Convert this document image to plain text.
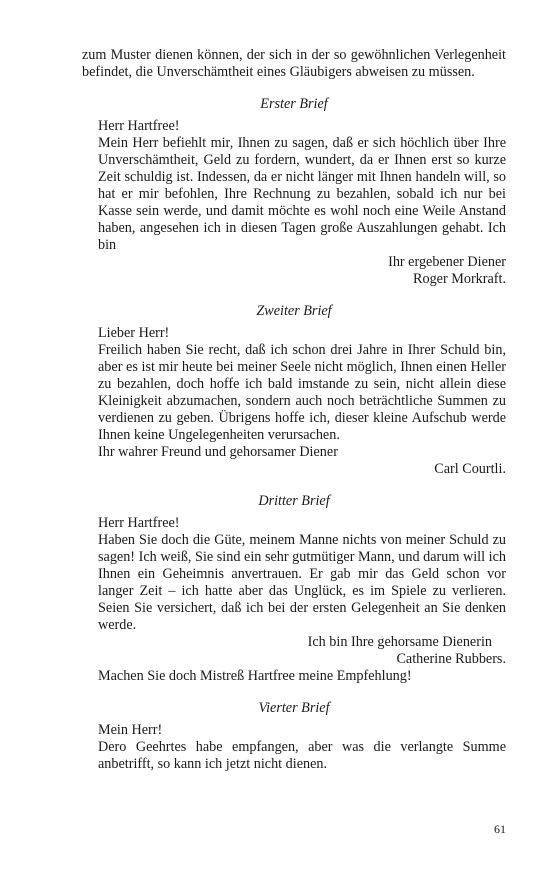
zum Muster dienen können, der sich in der so gewöhnlichen Verlegenheit befindet, die Unverschämtheit eines Gläubigers abweisen zu müssen.

Erster Brief

Herr Hartfree!

Mein Herr befiehlt mir, Ihnen zu sagen, daß er sich höchlich über Ihre Unverschämtheit, Geld zu fordern, wundert, da er Ihnen erst so kurze Zeit schuldig ist. Indessen, da er nicht länger mit Ihnen handeln will, so hat er mir befohlen, Ihre Rechnung zu bezahlen, sobald ich nur bei Kasse sein werde, und damit möchte es wohl noch eine Weile Anstand haben, angesehen ich in diesen Tagen große Auszahlungen gehabt. Ich bin

Ihr ergebener Diener

Roger Morkraft.

Zweiter Brief

Lieber Herr!

Freilich haben Sie recht, daß ich schon drei Jahre in Ihrer Schuld bin, aber es ist mir heute bei meiner Seele nicht möglich, Ihnen einen Heller zu bezahlen, doch hoffe ich bald imstande zu sein, nicht allein diese Kleinigkeit abzumachen, sondern auch noch beträchtliche Summen zu verdienen zu geben. Übrigens hoffe ich, dieser kleine Aufschub werde Ihnen keine Ungelegenheiten verursachen.

Ihr wahrer Freund und gehorsamer Diener

Carl Courtli.

Dritter Brief

Herr Hartfree!

Haben Sie doch die Güte, meinem Manne nichts von meiner Schuld zu sagen! Ich weiß, Sie sind ein sehr gutmütiger Mann, und darum will ich Ihnen ein Geheimnis anvertrauen. Er gab mir das Geld schon vor langer Zeit – ich hatte aber das Unglück, es im Spiele zu verlieren. Seien Sie versichert, daß ich bei der ersten Gelegenheit an Sie denken werde.

Ich bin Ihre gehorsame Dienerin

Catherine Rubbers.

Machen Sie doch Mistreß Hartfree meine Empfehlung!

Vierter Brief

Mein Herr!

Dero Geehrtes habe empfangen, aber was die verlangte Summe anbetrifft, so kann ich jetzt nicht dienen.

61
